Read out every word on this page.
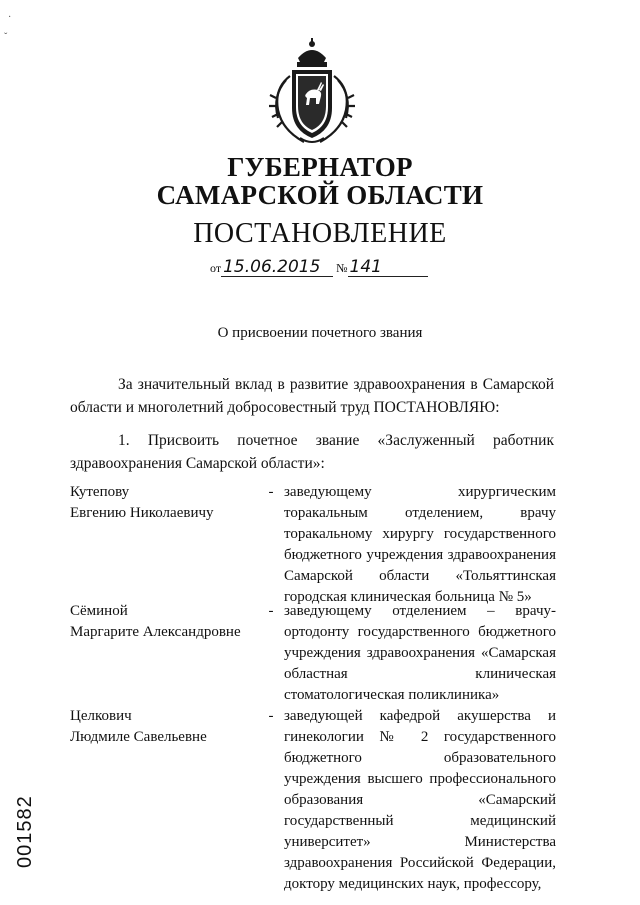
·
ˇ
ГУБЕРНАТОР
САМАРСКОЙ ОБЛАСТИ
ПОСТАНОВЛЕНИЕ
от 15.06.2015 № 141
О присвоении почетного звания
За значительный вклад в развитие здравоохранения в Самарской области и многолетний добросовестный труд ПОСТАНОВЛЯЮ:
1. Присвоить почетное звание «Заслуженный работник здравоохранения Самарской области»:
Кутепову
Евгению Николаевичу
- заведующему хирургическим торакальным отделением, врачу торакальному хирургу государственного бюджетного учреждения здравоохранения Самарской области «Тольяттинская городская клиническая больница № 5»
Сёминой
Маргарите Александровне
- заведующему отделением – врачу-ортодонту государственного бюджетного учреждения здравоохранения «Самарская областная клиническая стоматологическая поликлиника»
Целкович
Людмиле Савельевне
- заведующей кафедрой акушерства и гинекологии № 2 государственного бюджетного образовательного учреждения высшего профессионального образования «Самарский государственный медицинский университет» Министерства здравоохранения Российской Федерации, доктору медицинских наук, профессору,
001582
